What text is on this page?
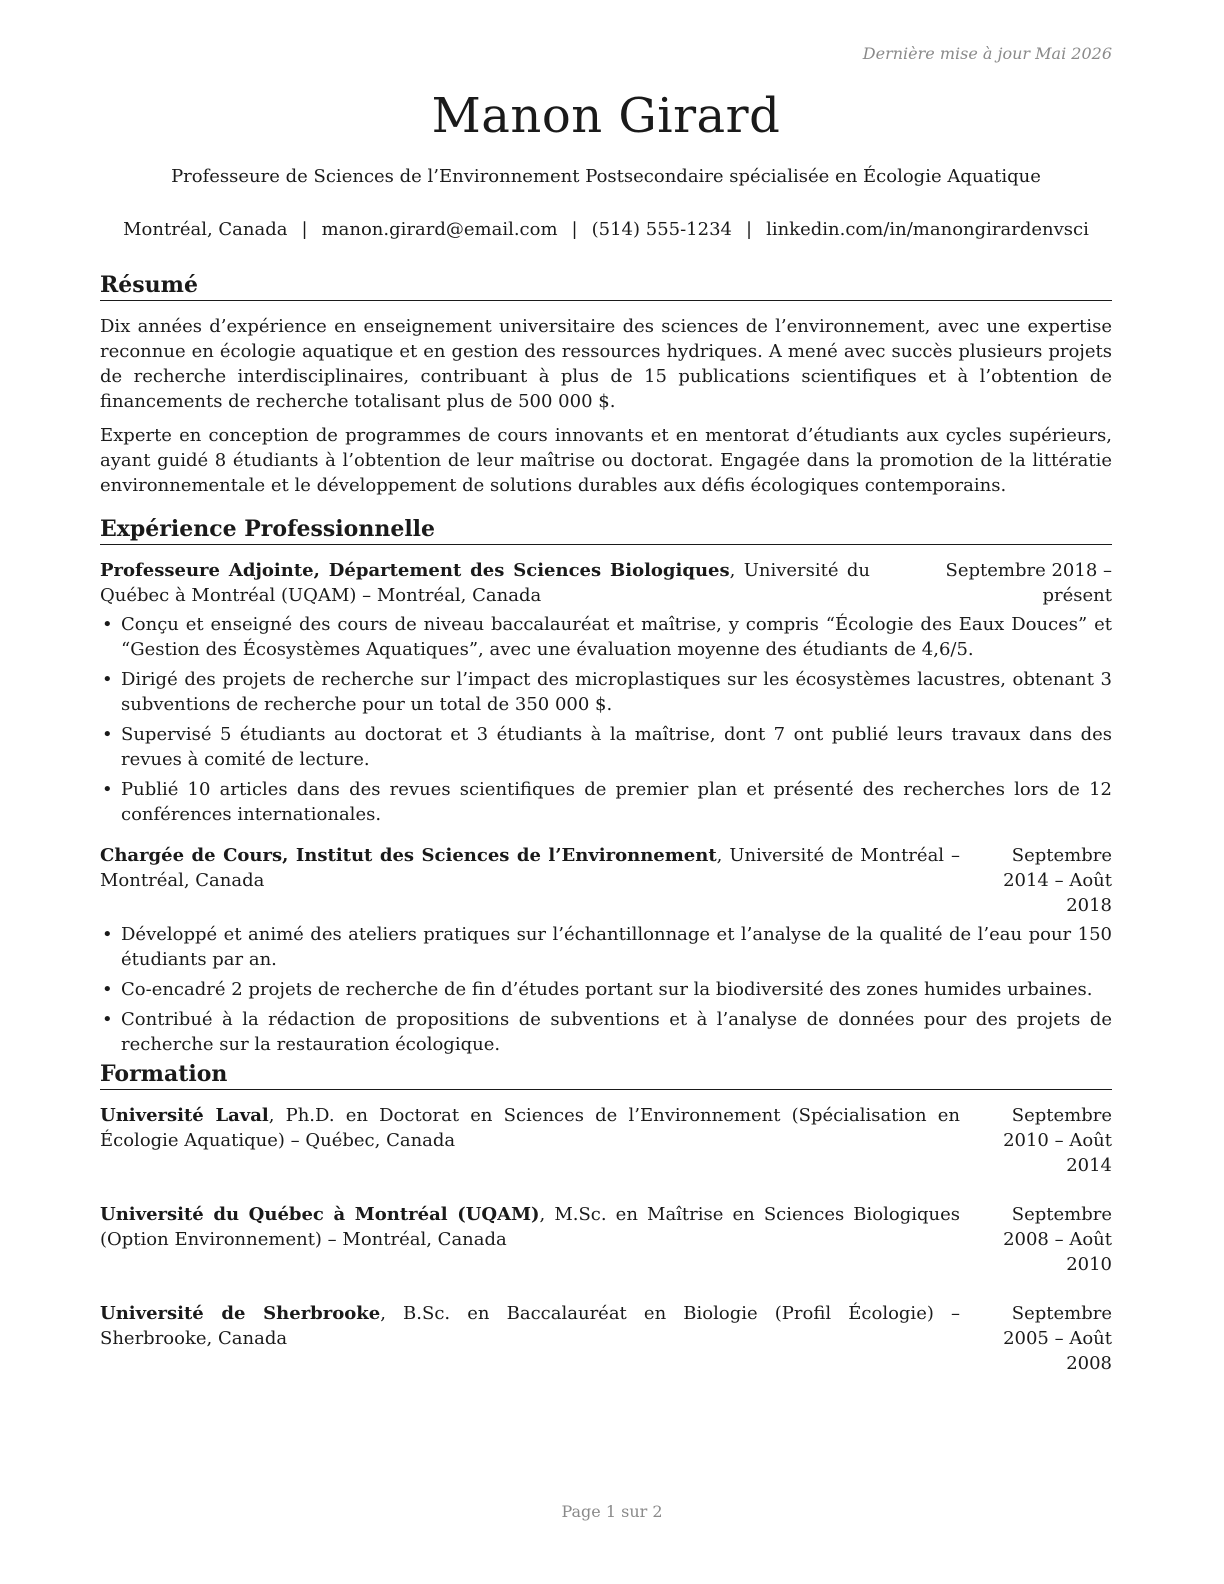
Dernière mise à jour Mai 2026
Manon Girard
Professeure de Sciences de l’Environnement Postsecondaire spécialisée en Écologie Aquatique
Montréal, Canada | manon.girard@email.com | (514) 555-1234 | linkedin.com/in/manongirardenvsci
Résumé

Dix années d’expérience en enseignement universitaire des sciences de l’environnement, avec une expertise reconnue en écologie aquatique et en gestion des ressources hydriques. A mené avec succès plusieurs projets de recherche interdisciplinaires, contribuant à plus de 15 publications scientifiques et à l’obtention de financements de recherche totalisant plus de 500 000 $.

Experte en conception de programmes de cours innovants et en mentorat d’étudiants aux cycles supérieurs, ayant guidé 8 étudiants à l’obtention de leur maîtrise ou doctorat. Engagée dans la promotion de la littératie environnementale et le développement de solutions durables aux défis écologiques contemporains.

Expérience Professionnelle
Professeure Adjointe, Département des Sciences Biologiques, Université du Québec à Montréal (UQAM) – Montréal, Canada
Septembre 2018 – présent
• Conçu et enseigné des cours de niveau baccalauréat et maîtrise, y compris “Écologie des Eaux Douces” et “Gestion des Écosystèmes Aquatiques”, avec une évaluation moyenne des étudiants de 4,6/5.
• Dirigé des projets de recherche sur l’impact des microplastiques sur les écosystèmes lacustres, obtenant 3 subventions de recherche pour un total de 350 000 $.
• Supervisé 5 étudiants au doctorat et 3 étudiants à la maîtrise, dont 7 ont publié leurs travaux dans des revues à comité de lecture.
• Publié 10 articles dans des revues scientifiques de premier plan et présenté des recherches lors de 12 conférences internationales.
Chargée de Cours, Institut des Sciences de l’Environnement, Université de Montréal – Montréal, Canada
Septembre 2014 – Août 2018
• Développé et animé des ateliers pratiques sur l’échantillonnage et l’analyse de la qualité de l’eau pour 150 étudiants par an.
• Co-encadré 2 projets de recherche de fin d’études portant sur la biodiversité des zones humides urbaines.
• Contribué à la rédaction de propositions de subventions et à l’analyse de données pour des projets de recherche sur la restauration écologique.
Formation
Université Laval, Ph.D. en Doctorat en Sciences de l’Environnement (Spécialisation en Écologie Aquatique) – Québec, Canada
Septembre 2010 – Août 2014
Université du Québec à Montréal (UQAM), M.Sc. en Maîtrise en Sciences Biologiques (Option Environnement) – Montréal, Canada
Septembre 2008 – Août 2010
Université de Sherbrooke, B.Sc. en Baccalauréat en Biologie (Profil Écologie) – Sherbrooke, Canada
Septembre 2005 – Août 2008
Page 1 sur 2
